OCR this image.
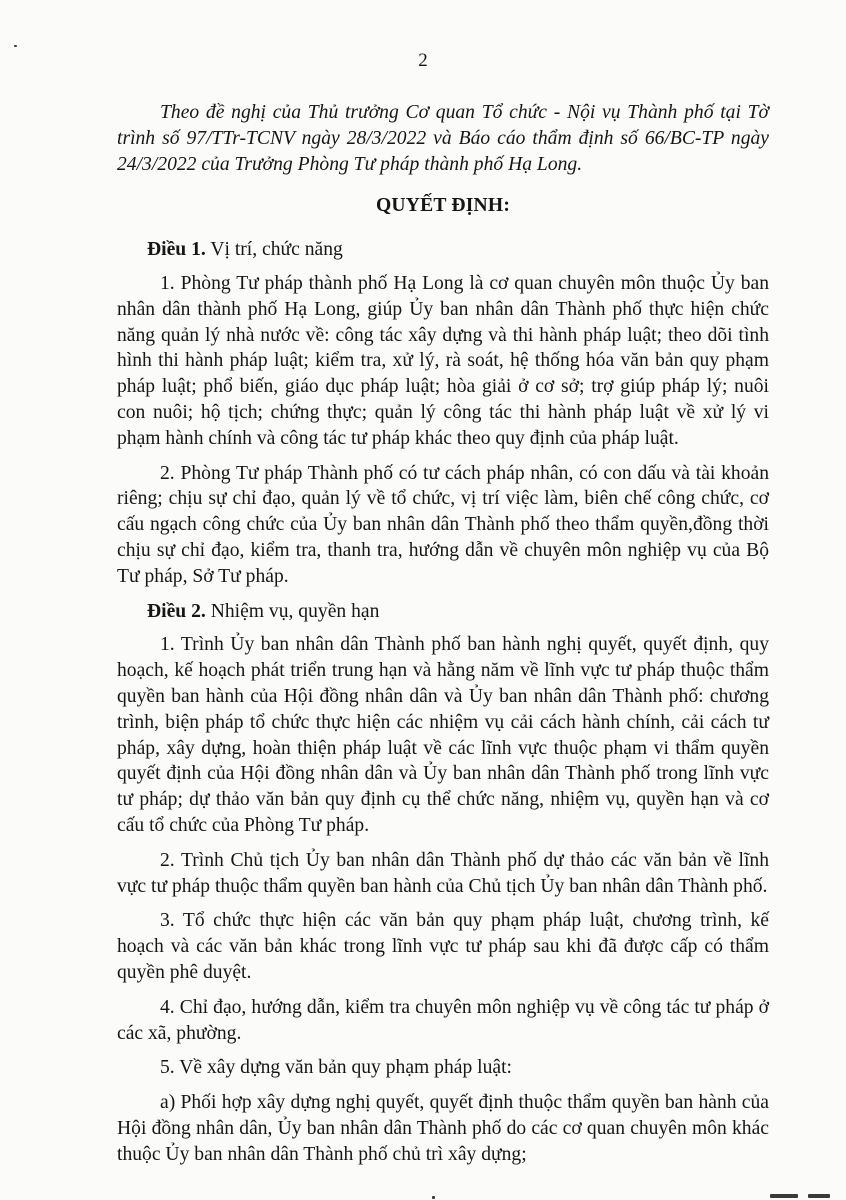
2

Theo đề nghị của Thủ trưởng Cơ quan Tổ chức - Nội vụ Thành phố tại Tờ trình số 97/TTr-TCNV ngày 28/3/2022 và Báo cáo thẩm định số 66/BC-TP ngày 24/3/2022 của Trưởng Phòng Tư pháp thành phố Hạ Long.

QUYẾT ĐỊNH:

Điều 1. Vị trí, chức năng

1. Phòng Tư pháp thành phố Hạ Long là cơ quan chuyên môn thuộc Ủy ban nhân dân thành phố Hạ Long, giúp Ủy ban nhân dân Thành phố thực hiện chức năng quản lý nhà nước về: công tác xây dựng và thi hành pháp luật; theo dõi tình hình thi hành pháp luật; kiểm tra, xử lý, rà soát, hệ thống hóa văn bản quy phạm pháp luật; phổ biến, giáo dục pháp luật; hòa giải ở cơ sở; trợ giúp pháp lý; nuôi con nuôi; hộ tịch; chứng thực; quản lý công tác thi hành pháp luật về xử lý vi phạm hành chính và công tác tư pháp khác theo quy định của pháp luật.

2. Phòng Tư pháp Thành phố có tư cách pháp nhân, có con dấu và tài khoản riêng; chịu sự chỉ đạo, quản lý về tổ chức, vị trí việc làm, biên chế công chức, cơ cấu ngạch công chức của Ủy ban nhân dân Thành phố theo thẩm quyền,đồng thời chịu sự chỉ đạo, kiểm tra, thanh tra, hướng dẫn về chuyên môn nghiệp vụ của Bộ Tư pháp, Sở Tư pháp.

Điều 2. Nhiệm vụ, quyền hạn

1. Trình Ủy ban nhân dân Thành phố ban hành nghị quyết, quyết định, quy hoạch, kế hoạch phát triển trung hạn và hằng năm về lĩnh vực tư pháp thuộc thẩm quyền ban hành của Hội đồng nhân dân và Ủy ban nhân dân Thành phố: chương trình, biện pháp tổ chức thực hiện các nhiệm vụ cải cách hành chính, cải cách tư pháp, xây dựng, hoàn thiện pháp luật về các lĩnh vực thuộc phạm vi thẩm quyền quyết định của Hội đồng nhân dân và Ủy ban nhân dân Thành phố trong lĩnh vực tư pháp; dự thảo văn bản quy định cụ thể chức năng, nhiệm vụ, quyền hạn và cơ cấu tổ chức của Phòng Tư pháp.

2. Trình Chủ tịch Ủy ban nhân dân Thành phố dự thảo các văn bản về lĩnh vực tư pháp thuộc thẩm quyền ban hành của Chủ tịch Ủy ban nhân dân Thành phố.

3. Tổ chức thực hiện các văn bản quy phạm pháp luật, chương trình, kế hoạch và các văn bản khác trong lĩnh vực tư pháp sau khi đã được cấp có thẩm quyền phê duyệt.

4. Chỉ đạo, hướng dẫn, kiểm tra chuyên môn nghiệp vụ về công tác tư pháp ở các xã, phường.

5. Về xây dựng văn bản quy phạm pháp luật:

a) Phối hợp xây dựng nghị quyết, quyết định thuộc thẩm quyền ban hành của Hội đồng nhân dân, Ủy ban nhân dân Thành phố do các cơ quan chuyên môn khác thuộc Ủy ban nhân dân Thành phố chủ trì xây dựng;
